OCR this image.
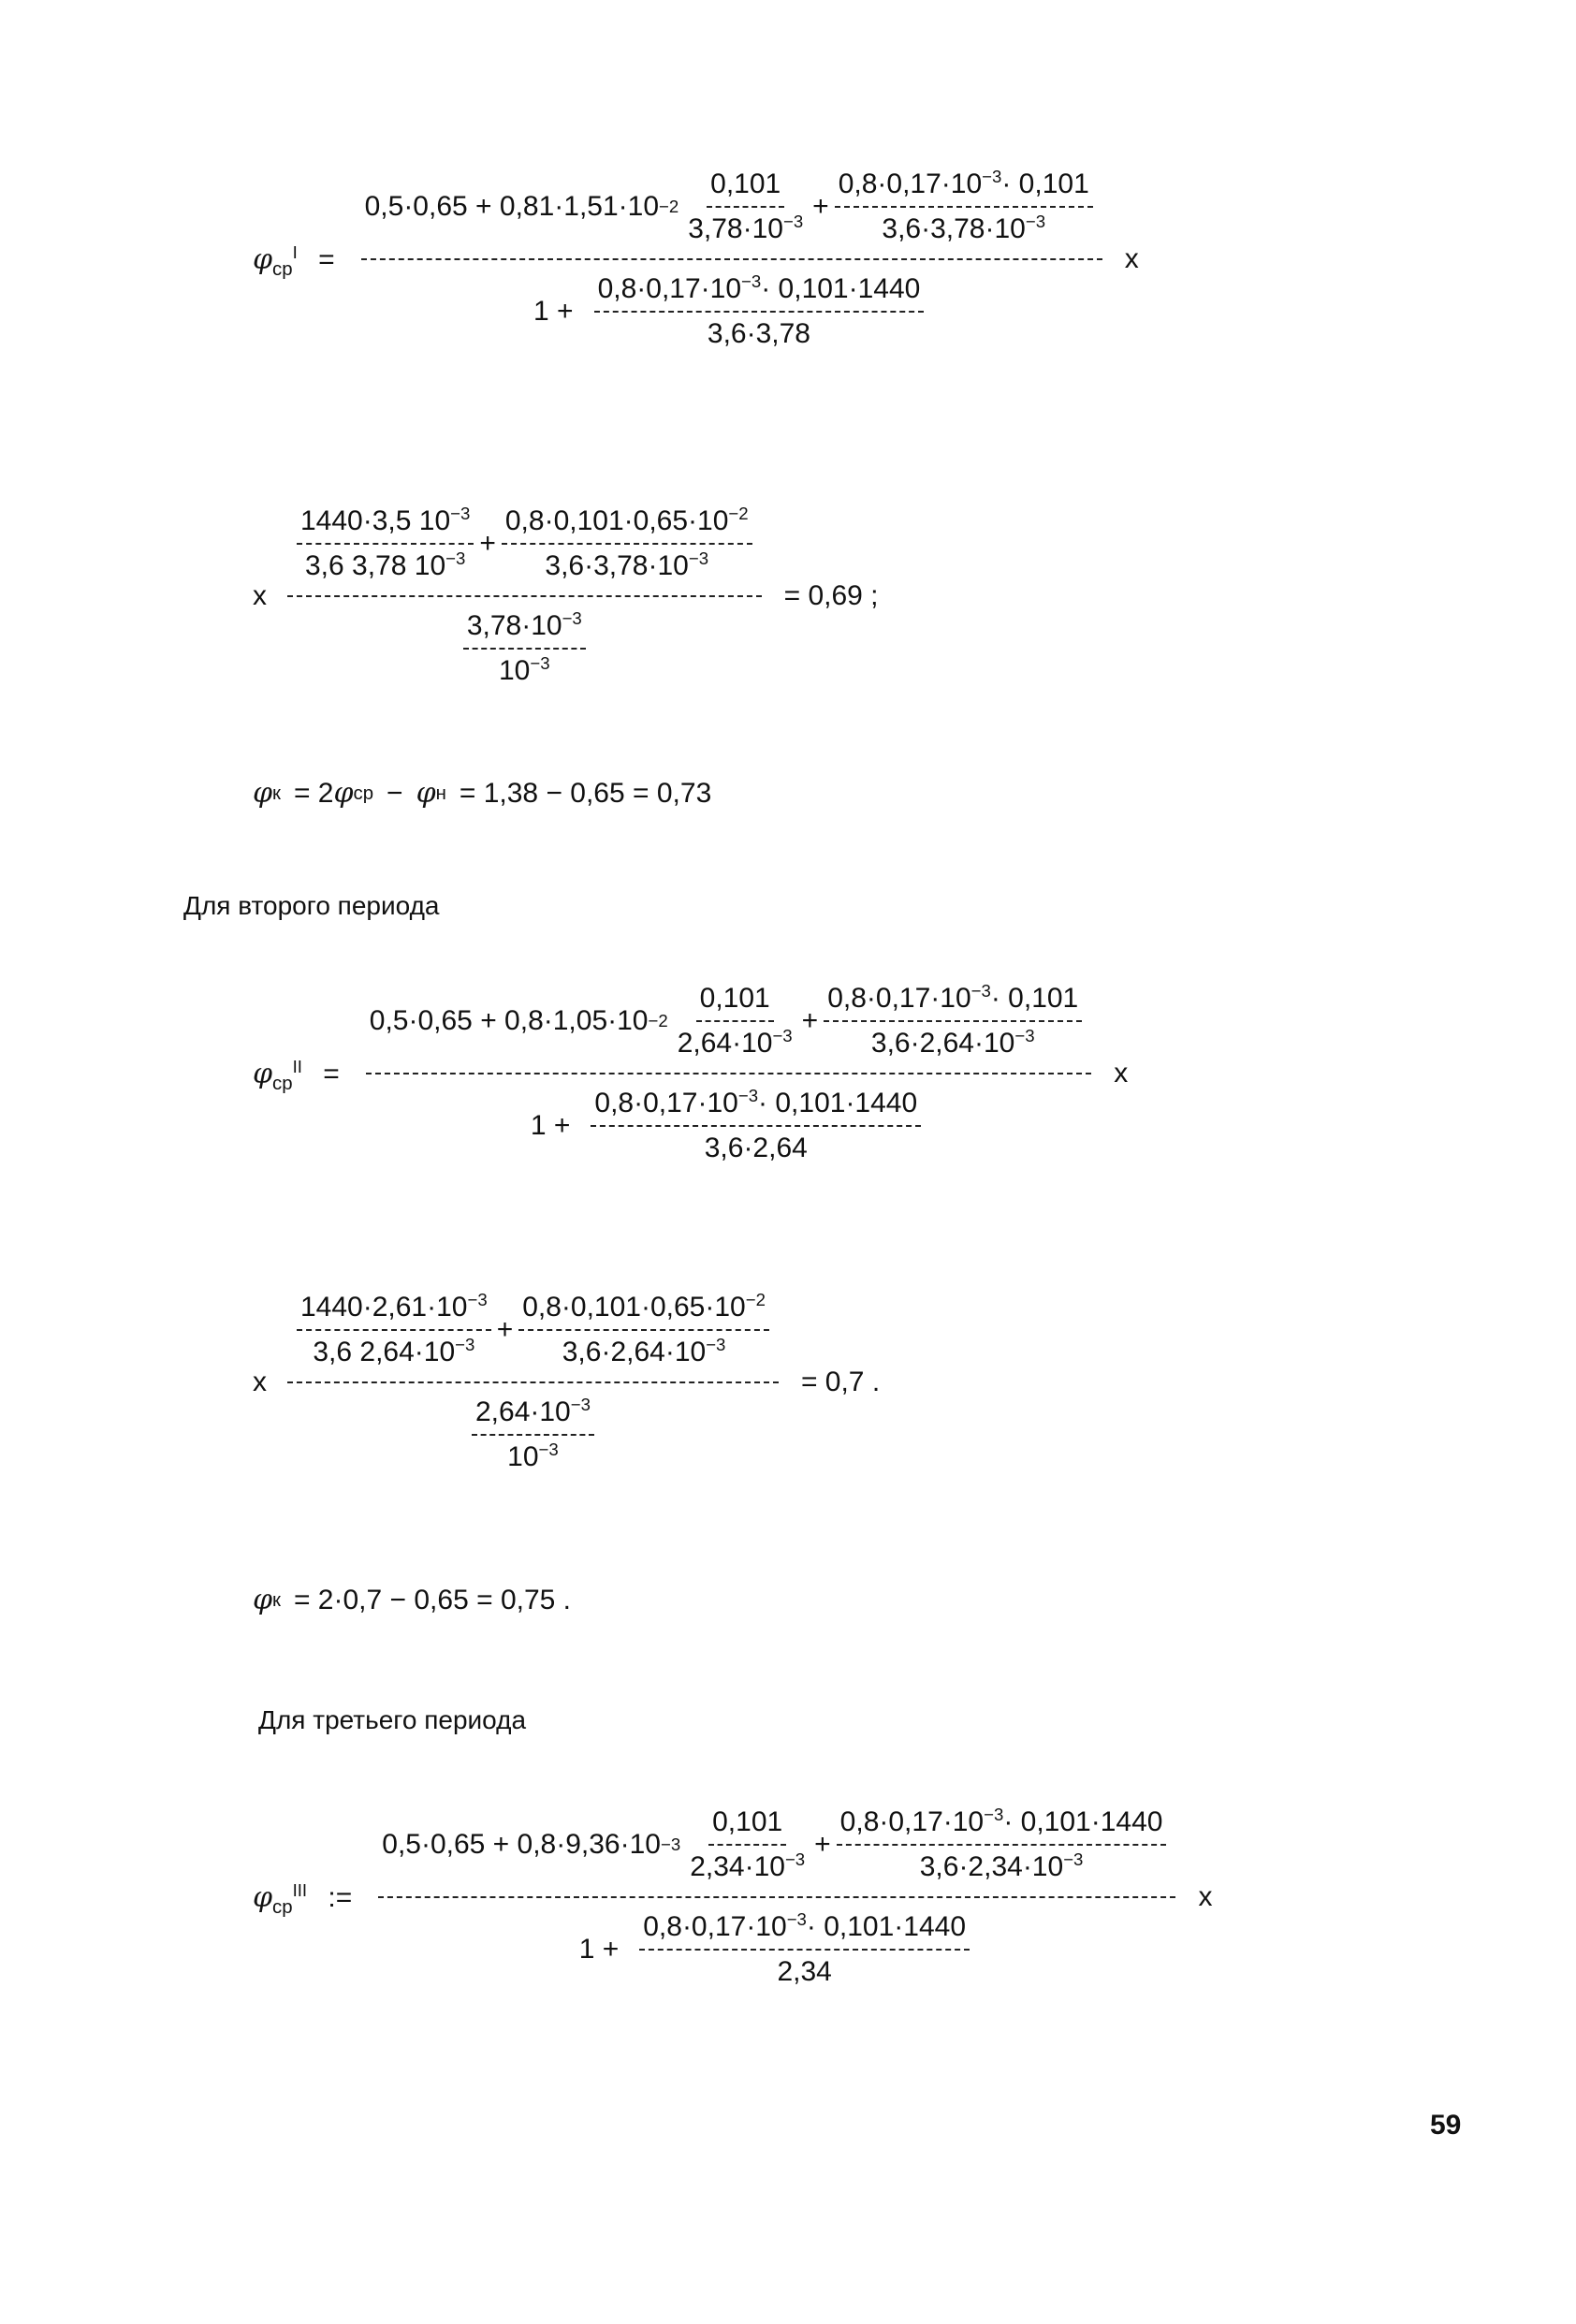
$\varphi_{ср}^I$ =
$0,5\cdot 0,65 + 0,81\cdot 1,51\cdot 10 -2 \frac{0,101}{3,78\cdot 10^{-3}} + \frac{0,8\cdot 0,17\cdot 10^{-3}\cdot 0,101}{3,6\cdot 3,78\cdot 10^{-3}}$
$1 + \frac{0,8\cdot 0,17\cdot 10^{-3}\cdot 0,101\cdot 1440}{3,6\cdot 3,78}$
x
x
$\frac{1440\cdot 3,5 10^{-3}}{3,6 3,78 10^{-3}} + \frac{0,8\cdot 0,101\cdot 0,65\cdot 10^{-2}}{3,6\cdot 3,78\cdot 10^{-3}}$
$\frac{3,78\cdot 10^{-3}}{10^{-3}}$
= 0,69 ;
φ к = 2 φ ср − φ н = 1,38 − 0,65 = 0,73
Для второго периода
$\varphi_{ср}^{II}$ =
$0,5\cdot 0,65 + 0,8\cdot 1,05\cdot 10 -2 \frac{0,101}{2,64\cdot 10^{-3}} + \frac{0,8\cdot 0,17\cdot 10^{-3}\cdot 0,101}{3,6\cdot 2,64\cdot 10^{-3}}$
$1 + \frac{0,8\cdot 0,17\cdot 10^{-3}\cdot 0,101\cdot 1440}{3,6\cdot 2,64}$
x
x
$\frac{1440\cdot 2,61\cdot 10^{-3}}{3,6 2,64\cdot 10^{-3}} + \frac{0,8\cdot 0,101\cdot 0,65\cdot 10^{-2}}{3,6\cdot 2,64\cdot 10^{-3}}$
$\frac{2,64\cdot 10^{-3}}{10^{-3}}$
= 0,7 .
φ к = 2·0,7 − 0,65 = 0,75 .
Для третьего периода
$\varphi_{ср}^{III}$ :=
$0,5\cdot 0,65 + 0,8\cdot 9,36\cdot 10 -3 \frac{0,101}{2,34\cdot 10^{-3}} + \frac{0,8\cdot 0,17\cdot 10^{-3}\cdot 0,101\cdot 1440}{3,6\cdot 2,34\cdot 10^{-3}}$
$1 + \frac{0,8\cdot 0,17\cdot 10^{-3}\cdot 0,101\cdot 1440}{2,34}$
x
59
